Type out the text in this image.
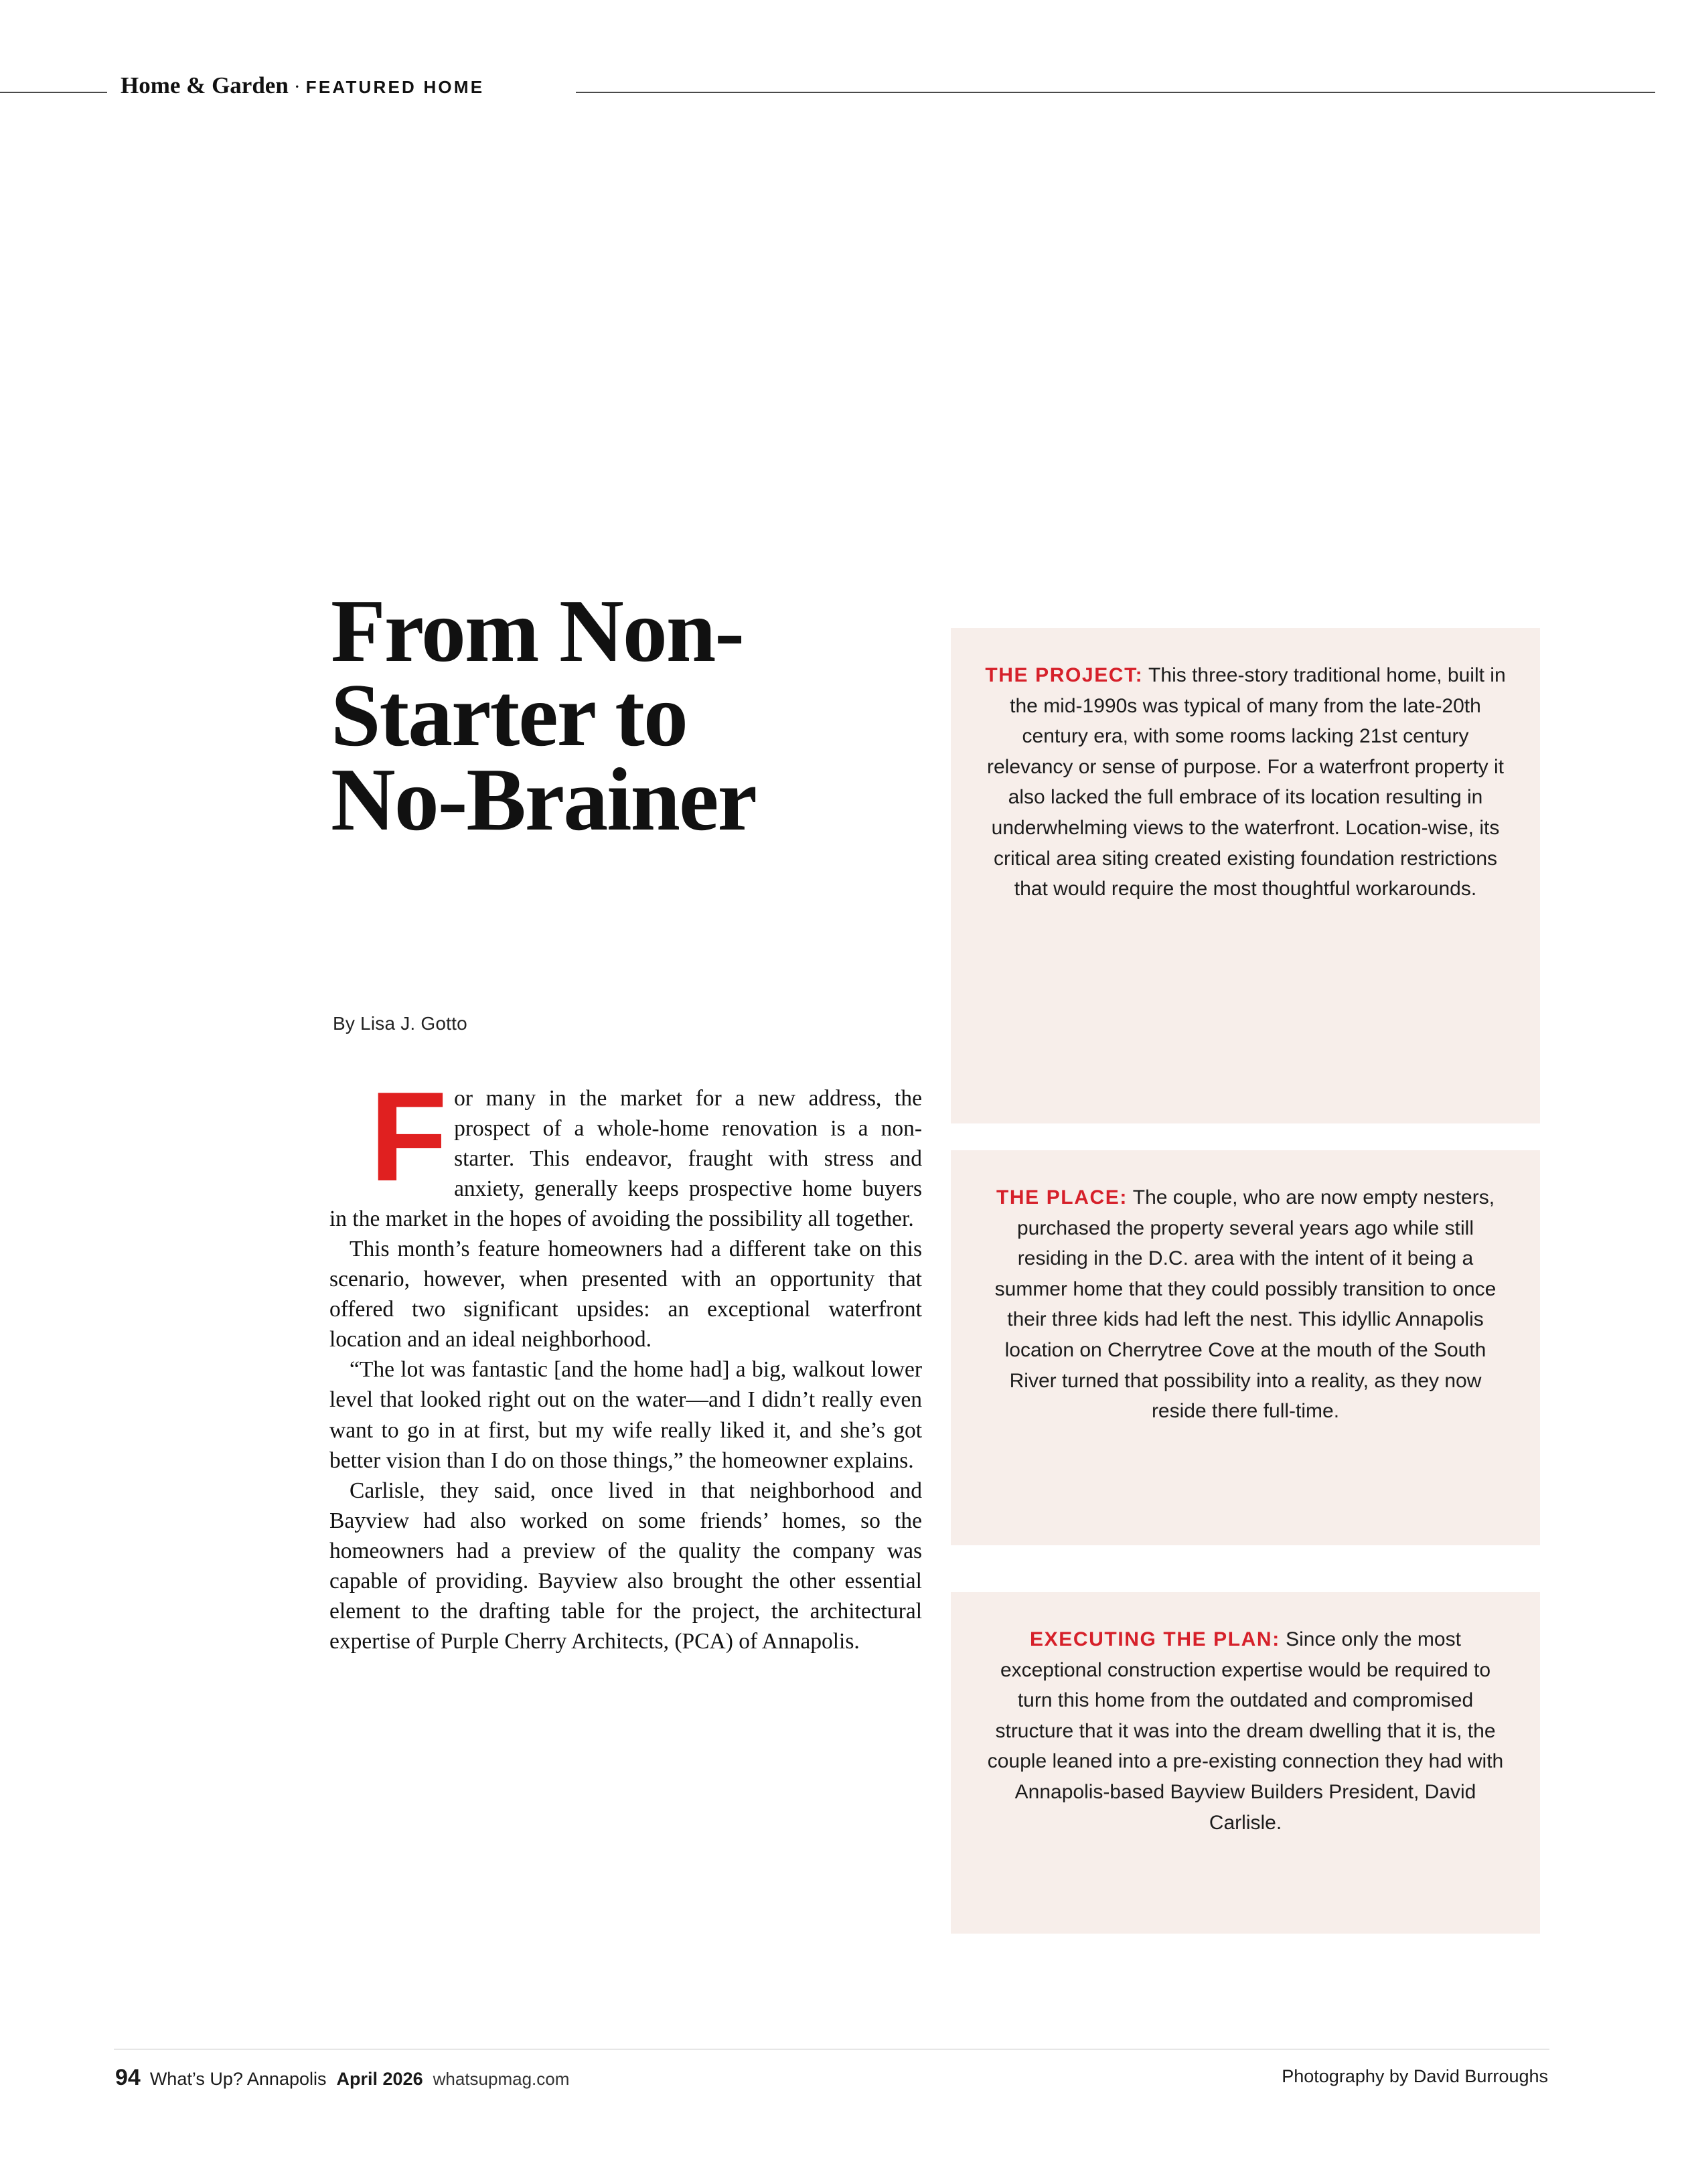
Home & Garden · FEATURED HOME
From Non-
Starter to
No-Brainer
By Lisa J. Gotto
F or many in the market for a new address, the prospect of a whole-home renovation is a non-starter. This endeavor, fraught with stress and anxiety, generally keeps prospective home buyers in the market in the hopes of avoiding the possibility all together.

This month’s feature homeowners had a different take on this scenario, however, when presented with an opportunity that offered two significant upsides: an exceptional waterfront location and an ideal neighborhood.

“The lot was fantastic [and the home had] a big, walkout lower level that looked right out on the water—and I didn’t really even want to go in at first, but my wife really liked it, and she’s got better vision than I do on those things,” the homeowner explains.

Carlisle, they said, once lived in that neighborhood and Bayview had also worked on some friends’ homes, so the homeowners had a preview of the quality the company was capable of providing. Bayview also brought the other essential element to the drafting table for the project, the architectural expertise of Purple Cherry Architects, (PCA) of Annapolis.

THE PROJECT: This three-story traditional home, built in the mid-1990s was typical of many from the late-20th century era, with some rooms lacking 21st century relevancy or sense of purpose. For a waterfront property it also lacked the full embrace of its location resulting in underwhelming views to the waterfront. Location-wise, its critical area siting created existing foundation restrictions that would require the most thoughtful workarounds.

THE PLACE: The couple, who are now empty nesters, purchased the property several years ago while still residing in the D.C. area with the intent of it being a summer home that they could possibly transition to once their three kids had left the nest. This idyllic Annapolis location on Cherrytree Cove at the mouth of the South River turned that possibility into a reality, as they now reside there full-time.

EXECUTING THE PLAN: Since only the most exceptional construction expertise would be required to turn this home from the outdated and compromised structure that it was into the dream dwelling that it is, the couple leaned into a pre-existing connection they had with Annapolis-based Bayview Builders President, David Carlisle.

94 What’s Up? Annapolis April 2026 whatsupmag.com	Photography by David Burroughs
